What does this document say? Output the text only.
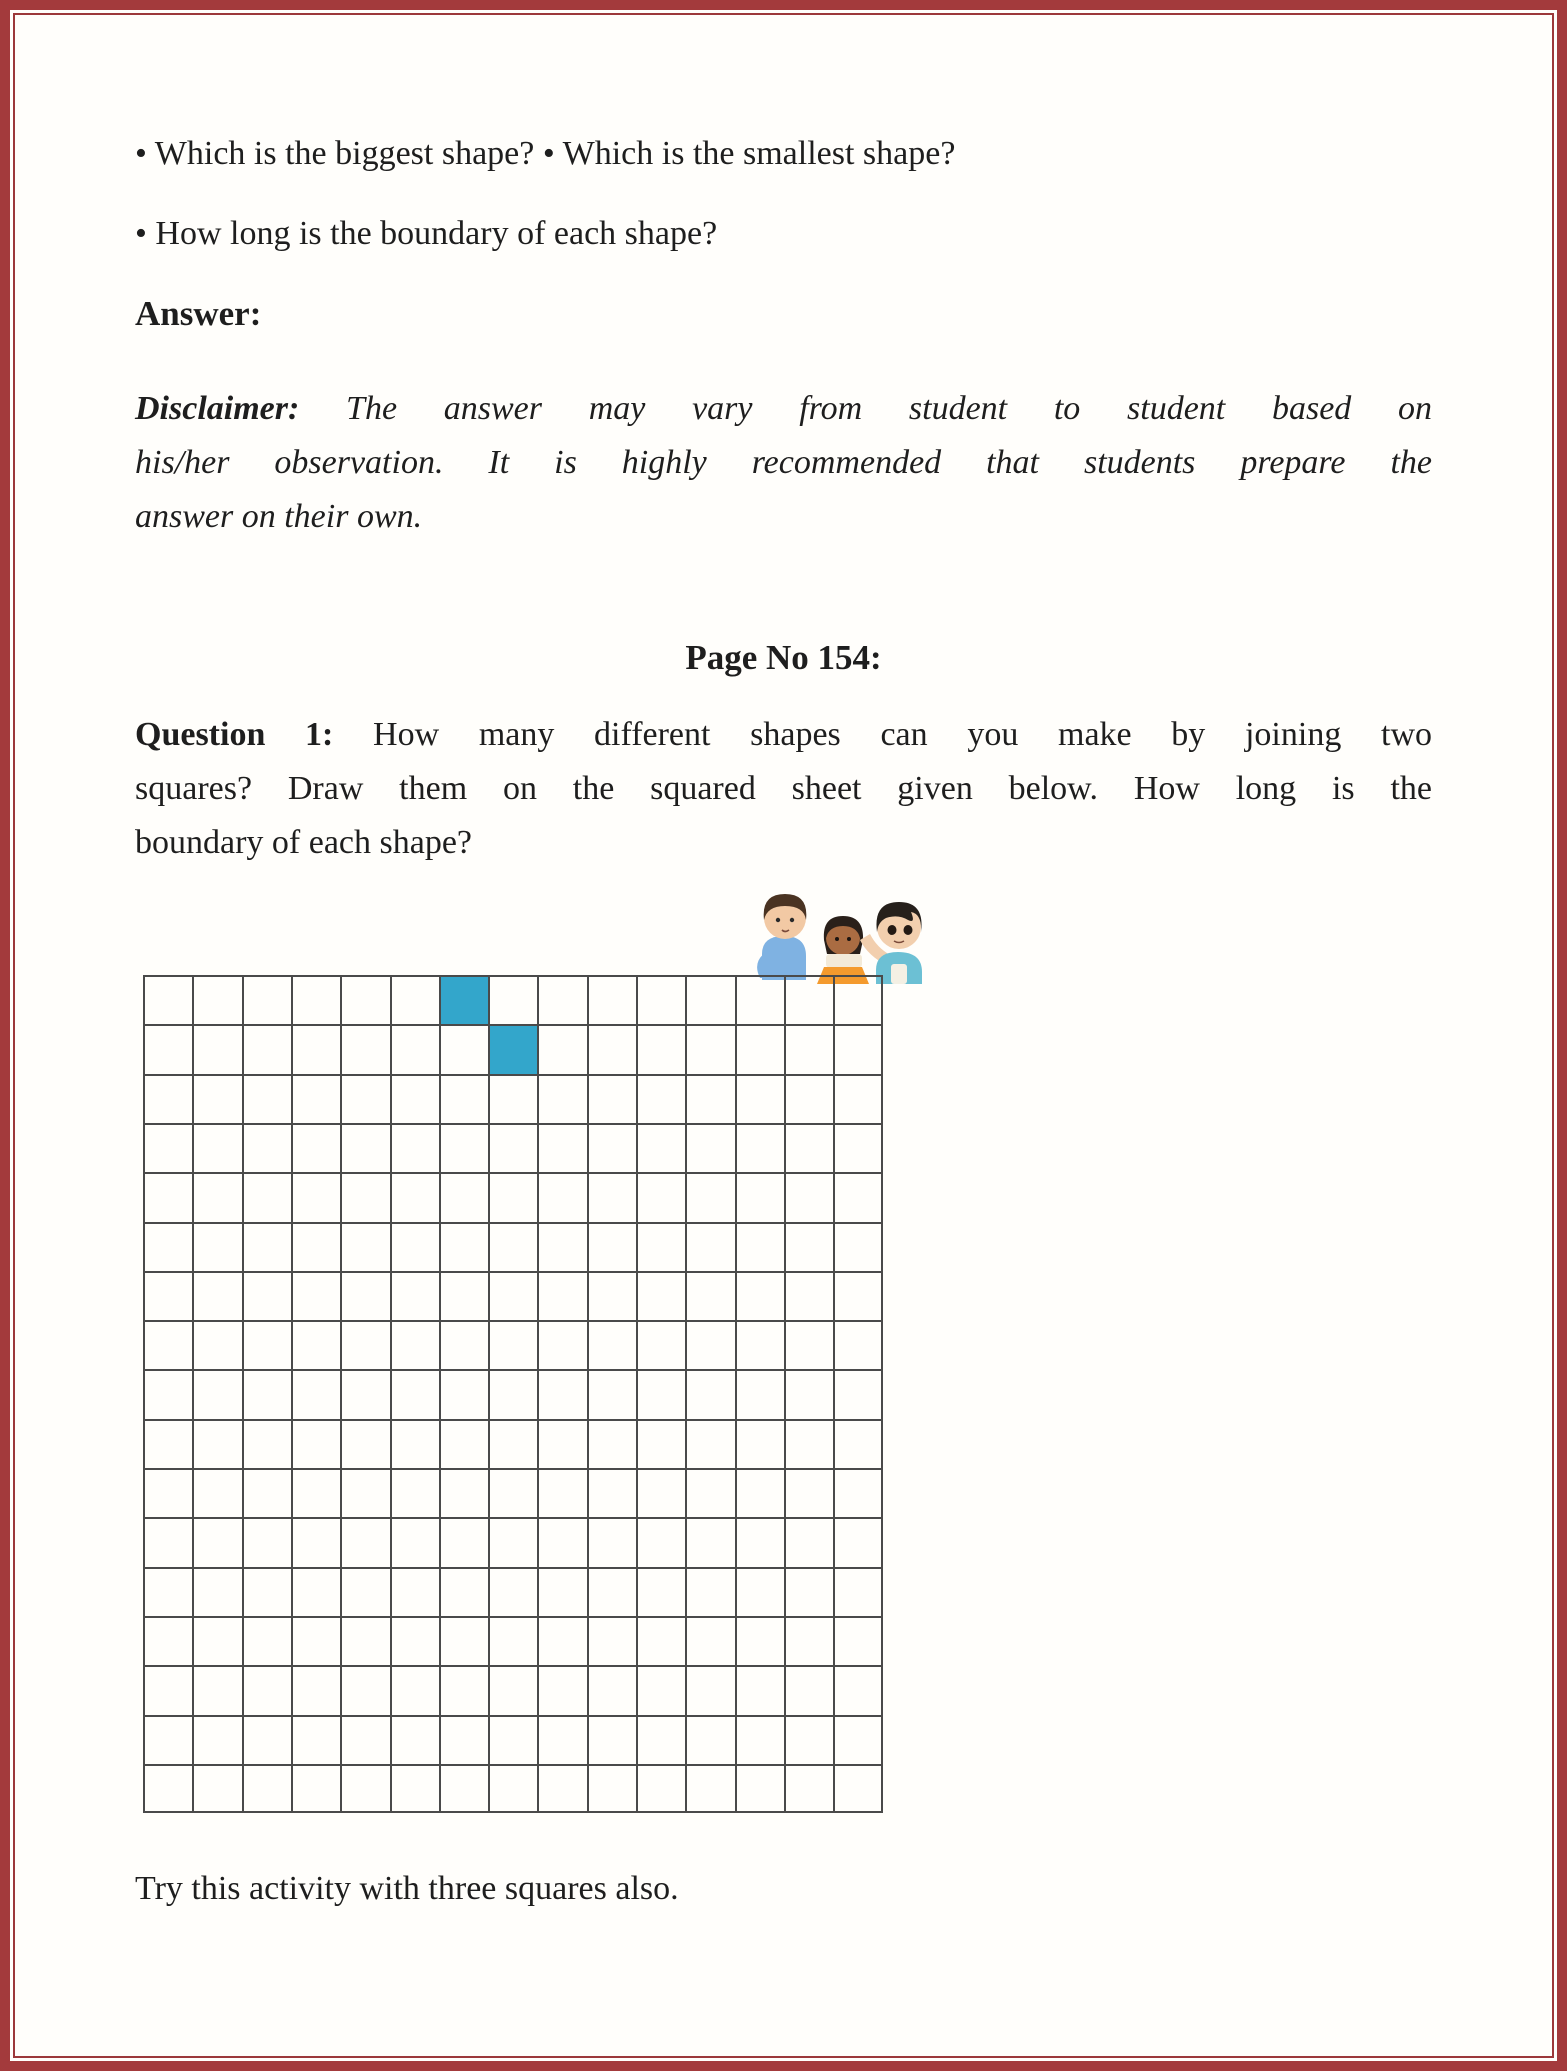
• Which is the biggest shape? • Which is the smallest shape?

• How long is the boundary of each shape?

Answer:

Disclaimer: The answer may vary from student to student based on
his/her observation. It is highly recommended that students prepare the
answer on their own.
Page No 154:
Question 1: How many different shapes can you make by joining two
squares? Draw them on the squared sheet given below. How long is the
boundary of each shape?

Try this activity with three squares also.
